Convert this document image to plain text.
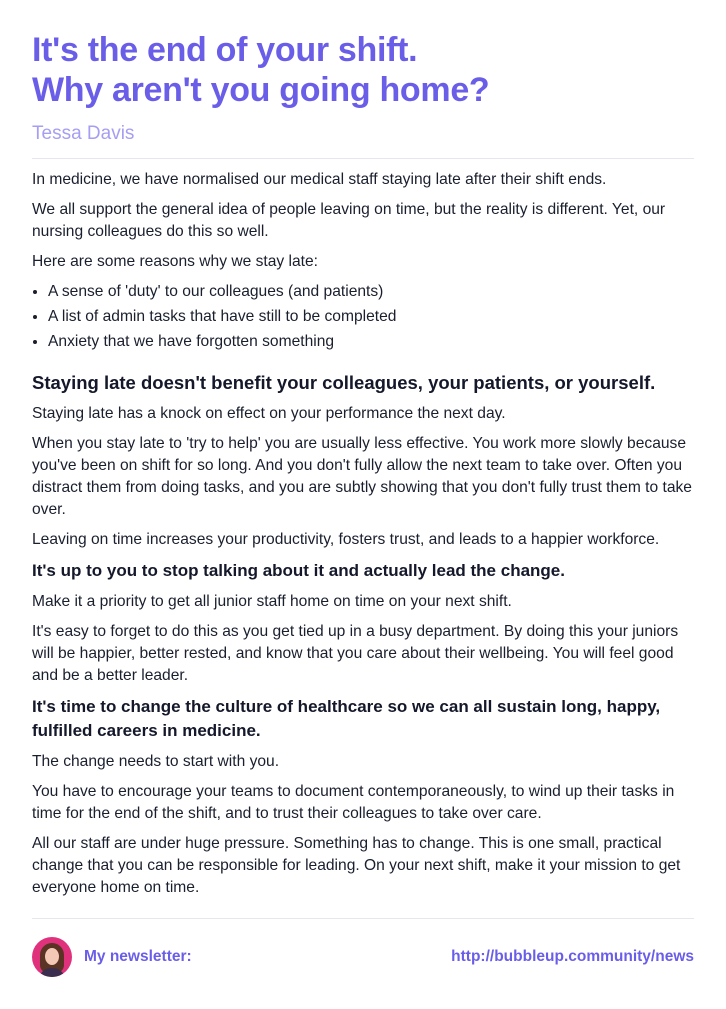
It's the end of your shift.
Why aren't you going home?
Tessa Davis

In medicine, we have normalised our medical staff staying late after their shift ends.

We all support the general idea of people leaving on time, but the reality is different. Yet, our nursing colleagues do this so well.

Here are some reasons why we stay late:

• A sense of 'duty' to our colleagues (and patients)
• A list of admin tasks that have still to be completed
• Anxiety that we have forgotten something
Staying late doesn't benefit your colleagues, your patients, or yourself.

Staying late has a knock on effect on your performance the next day.

When you stay late to 'try to help' you are usually less effective. You work more slowly because you've been on shift for so long. And you don't fully allow the next team to take over. Often you distract them from doing tasks, and you are subtly showing that you don't fully trust them to take over.

Leaving on time increases your productivity, fosters trust, and leads to a happier workforce.

It's up to you to stop talking about it and actually lead the change.

Make it a priority to get all junior staff home on time on your next shift.

It's easy to forget to do this as you get tied up in a busy department. By doing this your juniors will be happier, better rested, and know that you care about their wellbeing. You will feel good and be a better leader.

It's time to change the culture of healthcare so we can all sustain long, happy, fulfilled careers in medicine.

The change needs to start with you.

You have to encourage your teams to document contemporaneously, to wind up their tasks in time for the end of the shift, and to trust their colleagues to take over care.

All our staff are under huge pressure. Something has to change. This is one small, practical change that you can be responsible for leading. On your next shift, make it your mission to get everyone home on time.

My newsletter:	http://bubbleup.community/news
